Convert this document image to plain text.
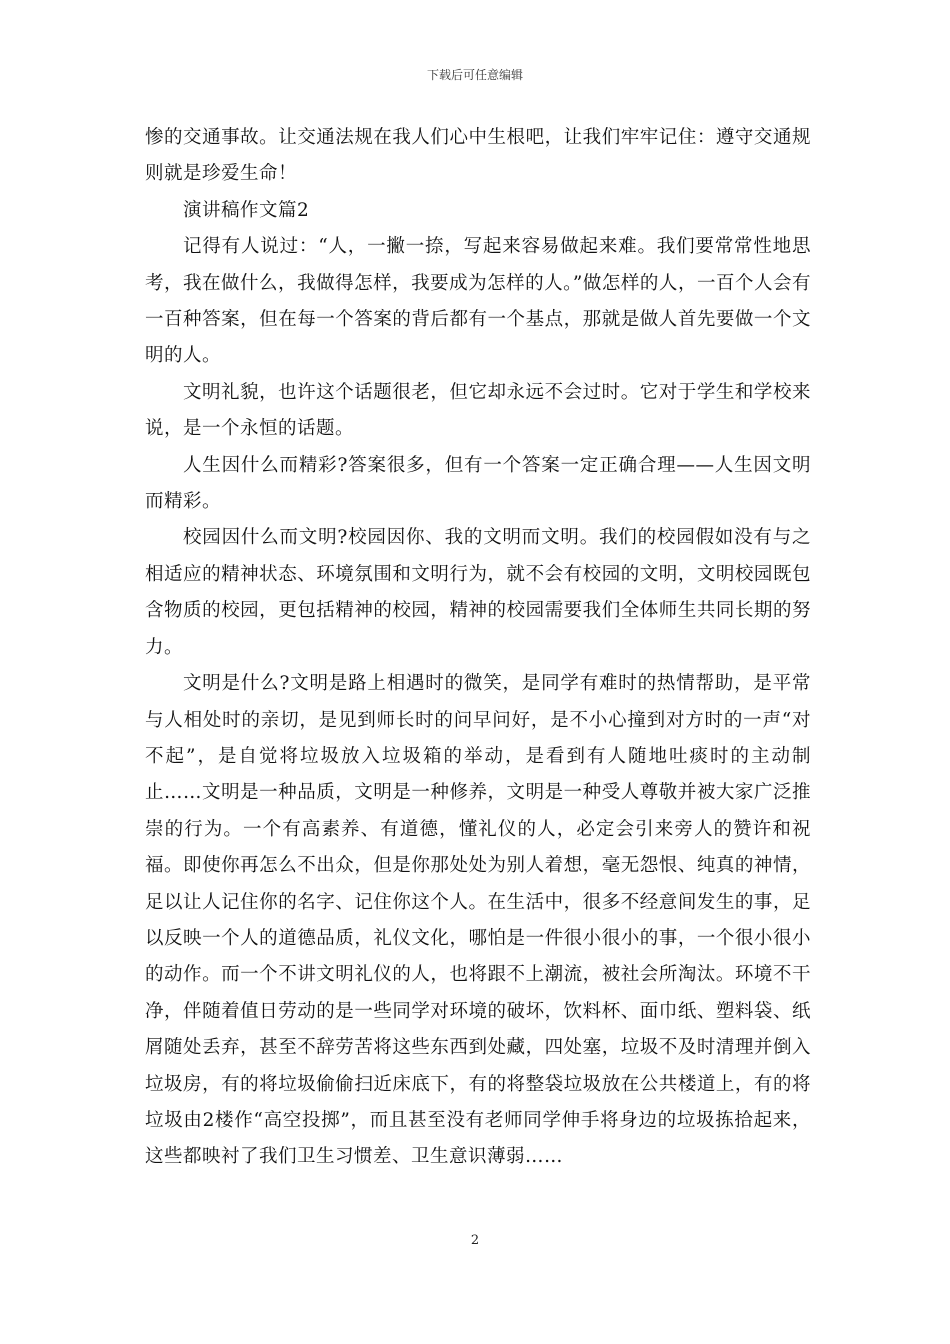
下载后可任意编辑

惨的交通事故。让交通法规在我人们心中生根吧，让我们牢牢记住：遵守交通规则就是珍爱生命！

演讲稿作文篇2

记得有人说过：“人，一撇一捺，写起来容易做起来难。我们要常常性地思考，我在做什么，我做得怎样，我要成为怎样的人。”做怎样的人，一百个人会有一百种答案，但在每一个答案的背后都有一个基点，那就是做人首先要做一个文明的人。

文明礼貌，也许这个话题很老，但它却永远不会过时。它对于学生和学校来说，是一个永恒的话题。

人生因什么而精彩?答案很多，但有一个答案一定正确合理——人生因文明而精彩。

校园因什么而文明?校园因你、我的文明而文明。我们的校园假如没有与之相适应的精神状态、环境氛围和文明行为，就不会有校园的文明，文明校园既包含物质的校园，更包括精神的校园，精神的校园需要我们全体师生共同长期的努力。

文明是什么?文明是路上相遇时的微笑，是同学有难时的热情帮助，是平常与人相处时的亲切，是见到师长时的问早问好，是不小心撞到对方时的一声“对不起”，是自觉将垃圾放入垃圾箱的举动，是看到有人随地吐痰时的主动制止……文明是一种品质，文明是一种修养，文明是一种受人尊敬并被大家广泛推崇的行为。一个有高素养、有道德，懂礼仪的人，必定会引来旁人的赞许和祝福。即使你再怎么不出众，但是你那处处为别人着想，毫无怨恨、纯真的神情，足以让人记住你的名字、记住你这个人。在生活中，很多不经意间发生的事，足以反映一个人的道德品质，礼仪文化，哪怕是一件很小很小的事，一个很小很小的动作。而一个不讲文明礼仪的人，也将跟不上潮流，被社会所淘汰。环境不干净，伴随着值日劳动的是一些同学对环境的破坏，饮料杯、面巾纸、塑料袋、纸屑随处丢弃，甚至不辞劳苦将这些东西到处藏，四处塞，垃圾不及时清理并倒入垃圾房，有的将垃圾偷偷扫近床底下，有的将整袋垃圾放在公共楼道上，有的将垃圾由2楼作“高空投掷”，而且甚至没有老师同学伸手将身边的垃圾拣拾起来，这些都映衬了我们卫生习惯差、卫生意识薄弱……

2
